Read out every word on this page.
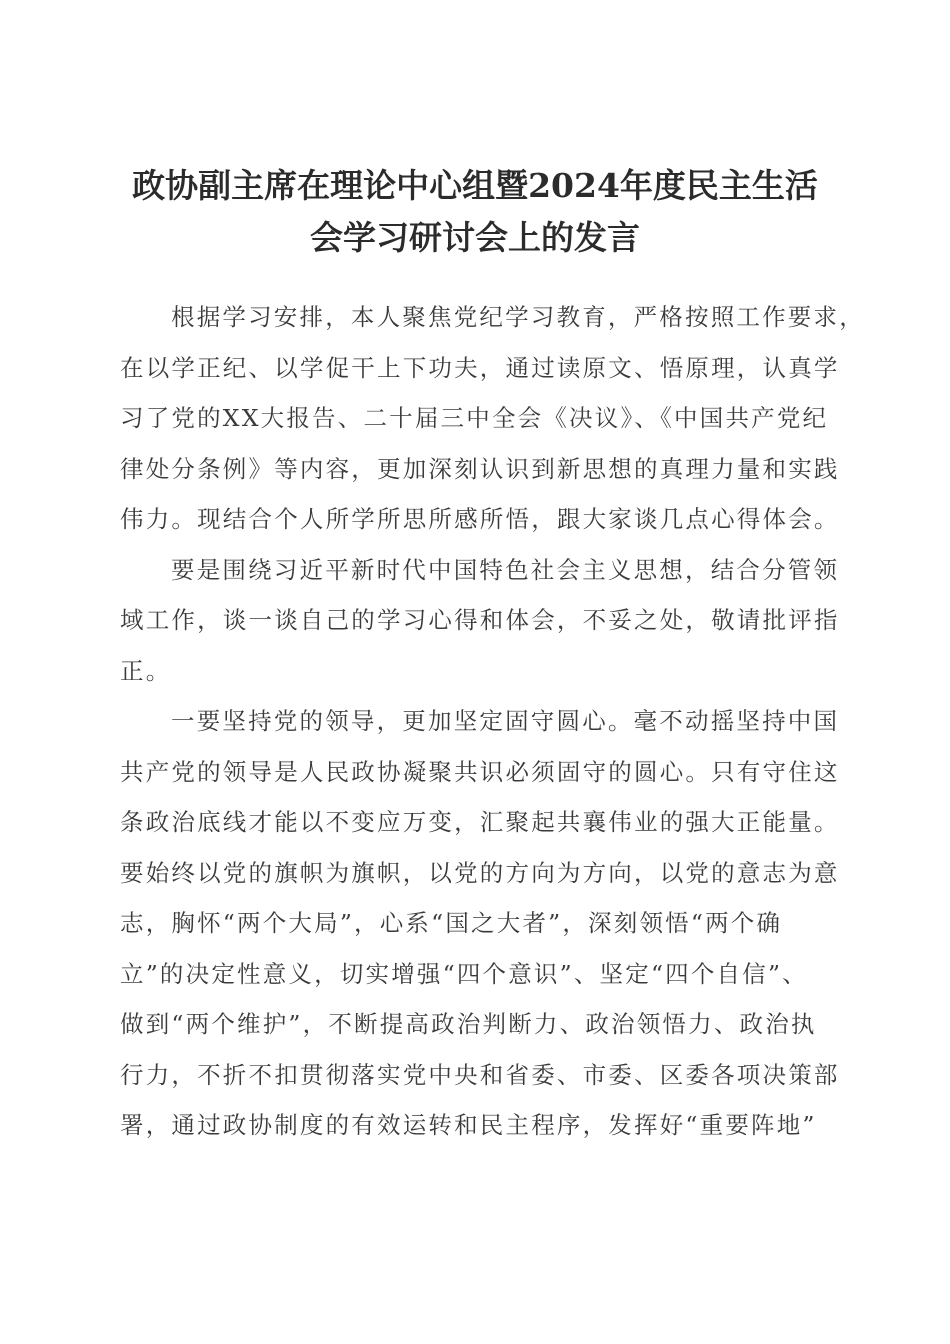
政协副主席在理论中心组暨2024年度民主生活
会学习研讨会上的发言
根据学习安排，本人聚焦党纪学习教育，严格按照工作要求，
在以学正纪、以学促干上下功夫，通过读原文、悟原理，认真学
习了党的XX大报告、二十届三中全会《决议》、《中国共产党纪
律处分条例》等内容，更加深刻认识到新思想的真理力量和实践
伟力。现结合个人所学所思所感所悟，跟大家谈几点心得体会。
要是围绕习近平新时代中国特色社会主义思想，结合分管领
域工作，谈一谈自己的学习心得和体会，不妥之处，敬请批评指
正。
一要坚持党的领导，更加坚定固守圆心。毫不动摇坚持中国
共产党的领导是人民政协凝聚共识必须固守的圆心。只有守住这
条政治底线才能以不变应万变，汇聚起共襄伟业的强大正能量。
要始终以党的旗帜为旗帜，以党的方向为方向，以党的意志为意
志，胸怀“两个大局”，心系“国之大者”，深刻领悟“两个确
立”的决定性意义，切实增强“四个意识”、坚定“四个自信”、
做到“两个维护”，不断提高政治判断力、政治领悟力、政治执
行力，不折不扣贯彻落实党中央和省委、市委、区委各项决策部
署，通过政协制度的有效运转和民主程序，发挥好“重要阵地”
